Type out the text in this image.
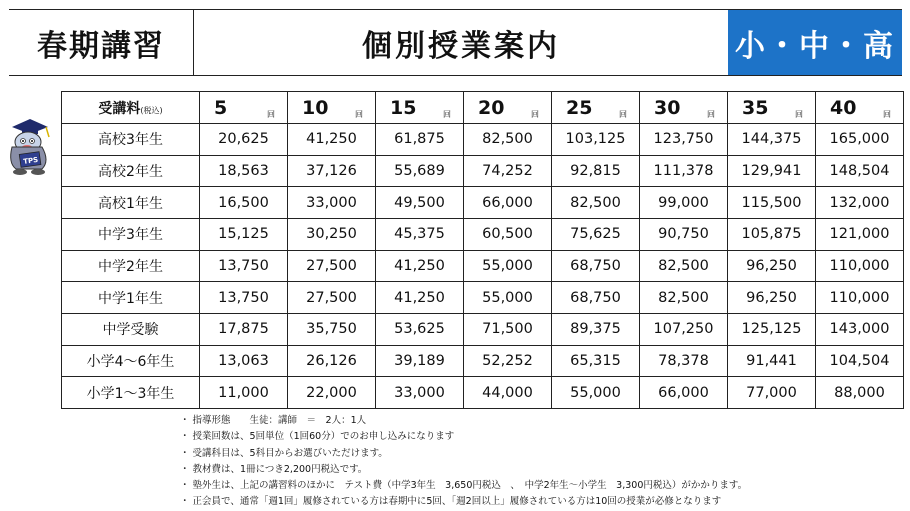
春期講習	個別授業案内	小・中・高
TPS
受講料(税込)	5 回	10 回	15 回	20 回	25 回	30 回	35 回	40 回

高校3年生	20,625	41,250	61,875	82,500	103,125	123,750	144,375	165,000
高校2年生	18,563	37,126	55,689	74,252	92,815	111,378	129,941	148,504
高校1年生	16,500	33,000	49,500	66,000	82,500	99,000	115,500	132,000
中学3年生	15,125	30,250	45,375	60,500	75,625	90,750	105,875	121,000
中学2年生	13,750	27,500	41,250	55,000	68,750	82,500	96,250	110,000
中学1年生	13,750	27,500	41,250	55,000	68,750	82,500	96,250	110,000
中学受験	17,875	35,750	53,625	71,500	89,375	107,250	125,125	143,000
小学4～6年生	13,063	26,126	39,189	52,252	65,315	78,378	91,441	104,504
小学1～3年生	11,000	22,000	33,000	44,000	55,000	66,000	77,000	88,000
・ 指導形態　　生徒：講師　＝　2人：1人
・ 授業回数は、5回単位（1回60分）でのお申し込みになります
・ 受講科目は、5科目からお選びいただけます。
・ 教材費は、1冊につき2,200円税込です。
・ 塾外生は、上記の講習料のほかに　テスト費（中学3年生　3,650円税込　、　中学2年生～小学生　3,300円税込）がかかります。
・ 正会員で、通常「週1回」履修されている方は春期中に5回、「週2回以上」履修されている方は10回の授業が必修となります
